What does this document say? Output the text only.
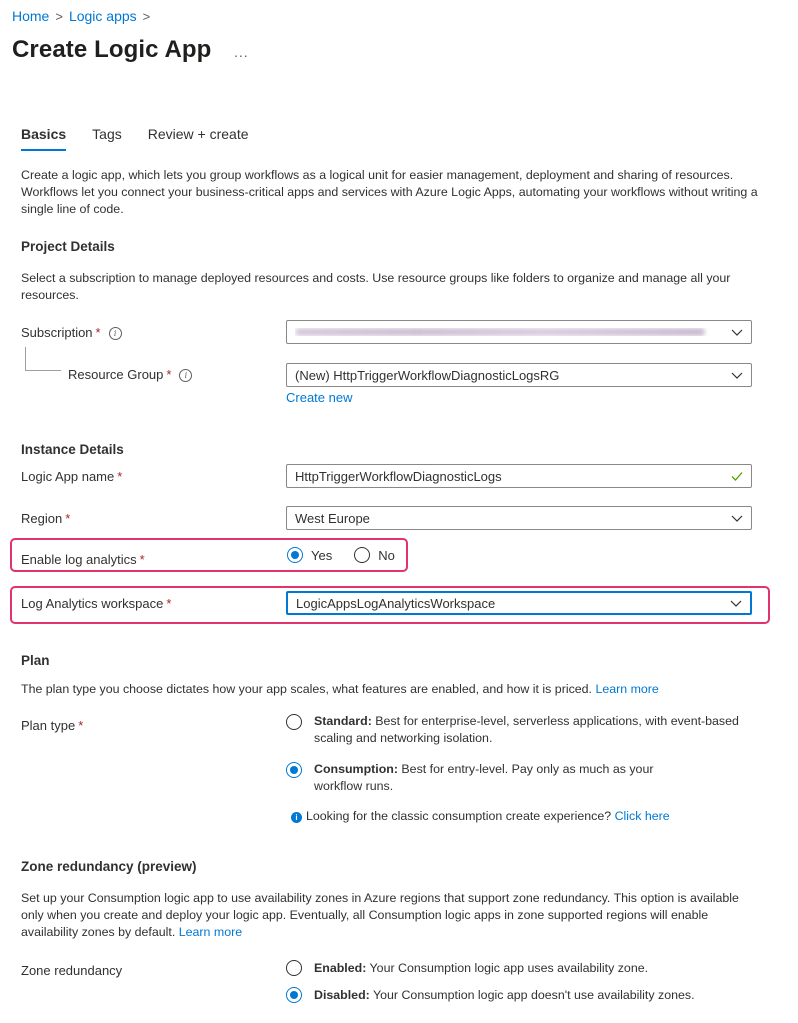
Home > Logic apps >
Create Logic App ...
Basics Tags Review + create
Create a logic app, which lets you group workflows as a logical unit for easier management, deployment and sharing of resources. Workflows let you connect your business-critical apps and services with Azure Logic Apps, automating your workflows without writing a single line of code.
Project Details
Select a subscription to manage deployed resources and costs. Use resource groups like folders to organize and manage all your resources.
Subscription * i
Resource Group * i	(New) HttpTriggerWorkflowDiagnosticLogsRG
Create new
Instance Details
Logic App name *	HttpTriggerWorkflowDiagnosticLogs
Region *	West Europe
Enable log analytics *	Yes	No
Log Analytics workspace *	LogicAppsLogAnalyticsWorkspace
Plan
The plan type you choose dictates how your app scales, what features are enabled, and how it is priced. Learn more
Plan type *	Standard: Best for enterprise-level, serverless applications, with event-based scaling and networking isolation.
Consumption: Best for entry-level. Pay only as much as your workflow runs.
i Looking for the classic consumption create experience? Click here
Zone redundancy (preview)
Set up your Consumption logic app to use availability zones in Azure regions that support zone redundancy. This option is available only when you create and deploy your logic app. Eventually, all Consumption logic apps in zone supported regions will enable availability zones by default. Learn more
Zone redundancy	Enabled: Your Consumption logic app uses availability zone.
Disabled: Your Consumption logic app doesn't use availability zones.
